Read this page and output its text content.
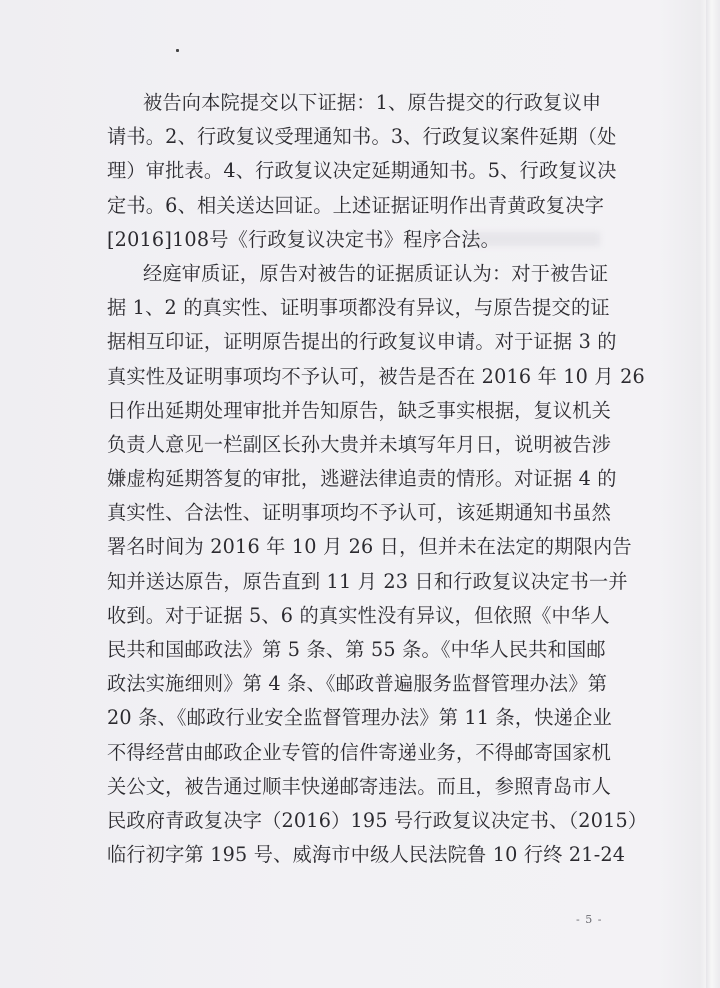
被告向本院提交以下证据：1、原告提交的行政复议申
请书。2、行政复议受理通知书。3、行政复议案件延期（处
理）审批表。4、行政复议决定延期通知书。5、行政复议决
定书。6、相关送达回证。上述证据证明作出青黄政复决字
[2016]108号《行政复议决定书》程序合法。
经庭审质证，原告对被告的证据质证认为：对于被告证
据 1、2 的真实性、证明事项都没有异议，与原告提交的证
据相互印证，证明原告提出的行政复议申请。对于证据 3 的
真实性及证明事项均不予认可，被告是否在 2016 年 10 月 26
日作出延期处理审批并告知原告，缺乏事实根据，复议机关
负责人意见一栏副区长孙大贵并未填写年月日，说明被告涉
嫌虚构延期答复的审批，逃避法律追责的情形。对证据 4 的
真实性、合法性、证明事项均不予认可，该延期通知书虽然
署名时间为 2016 年 10 月 26 日，但并未在法定的期限内告
知并送达原告，原告直到 11 月 23 日和行政复议决定书一并
收到。对于证据 5、6 的真实性没有异议，但依照《中华人
民共和国邮政法》第 5 条、第 55 条。《中华人民共和国邮
政法实施细则》第 4 条、《邮政普遍服务监督管理办法》第
20 条、《邮政行业安全监督管理办法》第 11 条，快递企业
不得经营由邮政企业专管的信件寄递业务，不得邮寄国家机
关公文，被告通过顺丰快递邮寄违法。而且，参照青岛市人
民政府青政复决字（2016）195 号行政复议决定书、（2015）
临行初字第 195 号、威海市中级人民法院鲁 10 行终 21-24
- 5 -
